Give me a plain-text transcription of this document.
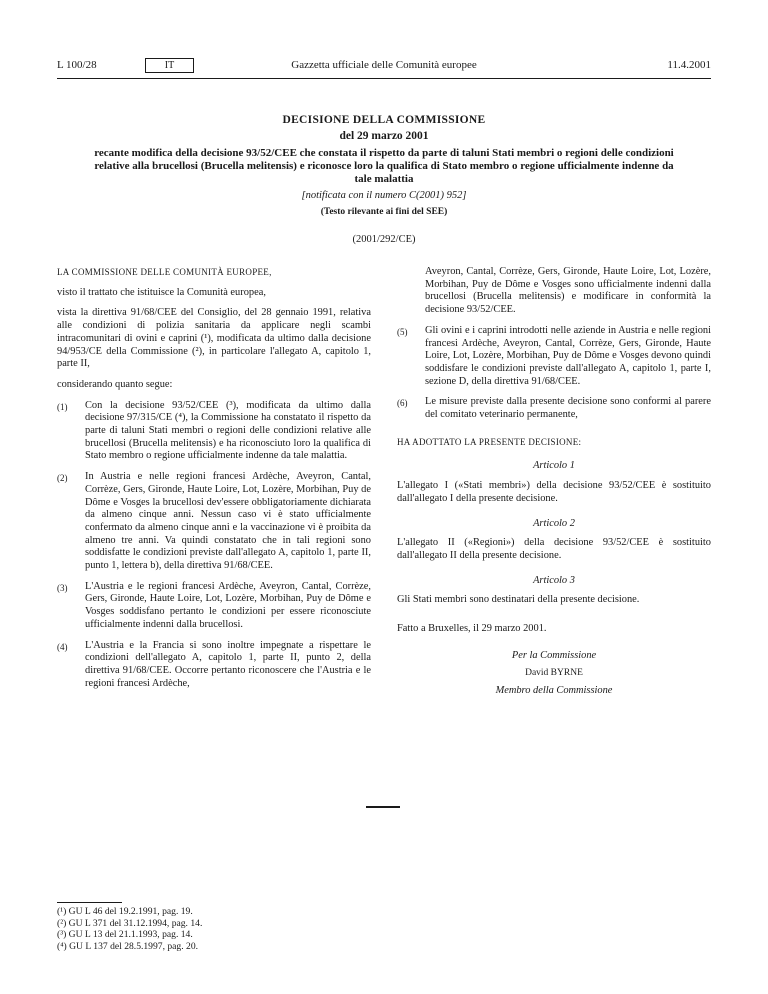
L 100/28	IT	Gazzetta ufficiale delle Comunità europee	11.4.2001
DECISIONE DELLA COMMISSIONE
del 29 marzo 2001
recante modifica della decisione 93/52/CEE che constata il rispetto da parte di taluni Stati membri o regioni delle condizioni relative alla brucellosi (Brucella melitensis) e riconosce loro la qualifica di Stato membro o regione ufficialmente indenne da tale malattia
[notificata con il numero C(2001) 952]
(Testo rilevante ai fini del SEE)
(2001/292/CE)

LA COMMISSIONE DELLE COMUNITÀ EUROPEE,

visto il trattato che istituisce la Comunità europea,

vista la direttiva 91/68/CEE del Consiglio, del 28 gennaio 1991, relativa alle condizioni di polizia sanitaria da applicare negli scambi intracomunitari di ovini e caprini (¹), modificata da ultimo dalla decisione 94/953/CE della Commissione (²), in particolare l'allegato A, capitolo 1, parte II,

considerando quanto segue:

(1)	Con la decisione 93/52/CEE (³), modificata da ultimo dalla decisione 97/315/CE (⁴), la Commissione ha constatato il rispetto da parte di taluni Stati membri o regioni delle condizioni relative alle brucellosi (Brucella melitensis) e ha riconosciuto loro la qualifica di Stato membro o regione ufficialmente indenne da tale malattia.
(2)	In Austria e nelle regioni francesi Ardèche, Aveyron, Cantal, Corrèze, Gers, Gironde, Haute Loire, Lot, Lozère, Morbihan, Puy de Dôme e Vosges la brucellosi dev'essere obbligatoriamente dichiarata da almeno cinque anni. Nessun caso vi è stato ufficialmente confermato da almeno cinque anni e la vaccinazione vi è proibita da almeno tre anni. Va quindi constatato che in tali regioni sono soddisfatte le condizioni previste dall'allegato A, capitolo 1, parte II, punto 1, lettera b), della direttiva 91/68/CEE.
(3)	L'Austria e le regioni francesi Ardèche, Aveyron, Cantal, Corrèze, Gers, Gironde, Haute Loire, Lot, Lozère, Morbihan, Puy de Dôme e Vosges soddisfano pertanto le condizioni per essere riconosciute ufficialmente indenni dalla brucellosi.
(4)	L'Austria e la Francia si sono inoltre impegnate a rispettare le condizioni dell'allegato A, capitolo 1, parte II, punto 2, della direttiva 91/68/CEE. Occorre pertanto riconoscere che l'Austria e le regioni francesi Ardèche,
Aveyron, Cantal, Corrèze, Gers, Gironde, Haute Loire, Lot, Lozère, Morbihan, Puy de Dôme e Vosges sono ufficialmente indenni dalla brucellosi (Brucella melitensis) e modificare in conformità la decisione 93/52/CEE.
(5)	Gli ovini e i caprini introdotti nelle aziende in Austria e nelle regioni francesi Ardèche, Aveyron, Cantal, Corrèze, Gers, Gironde, Haute Loire, Lot, Lozère, Morbihan, Puy de Dôme e Vosges devono quindi soddisfare le condizioni previste dall'allegato A, capitolo 1, parte I, sezione D, della direttiva 91/68/CEE.
(6)	Le misure previste dalla presente decisione sono conformi al parere del comitato veterinario permanente,

HA ADOTTATO LA PRESENTE DECISIONE:

Articolo 1

L'allegato I («Stati membri») della decisione 93/52/CEE è sostituito dall'allegato I della presente decisione.

Articolo 2

L'allegato II («Regioni») della decisione 93/52/CEE è sostituito dall'allegato II della presente decisione.

Articolo 3

Gli Stati membri sono destinatari della presente decisione.

Fatto a Bruxelles, il 29 marzo 2001.

Per la Commissione

David BYRNE

Membro della Commissione

(¹) GU L 46 del 19.2.1991, pag. 19.
(²) GU L 371 del 31.12.1994, pag. 14.
(³) GU L 13 del 21.1.1993, pag. 14.
(⁴) GU L 137 del 28.5.1997, pag. 20.
